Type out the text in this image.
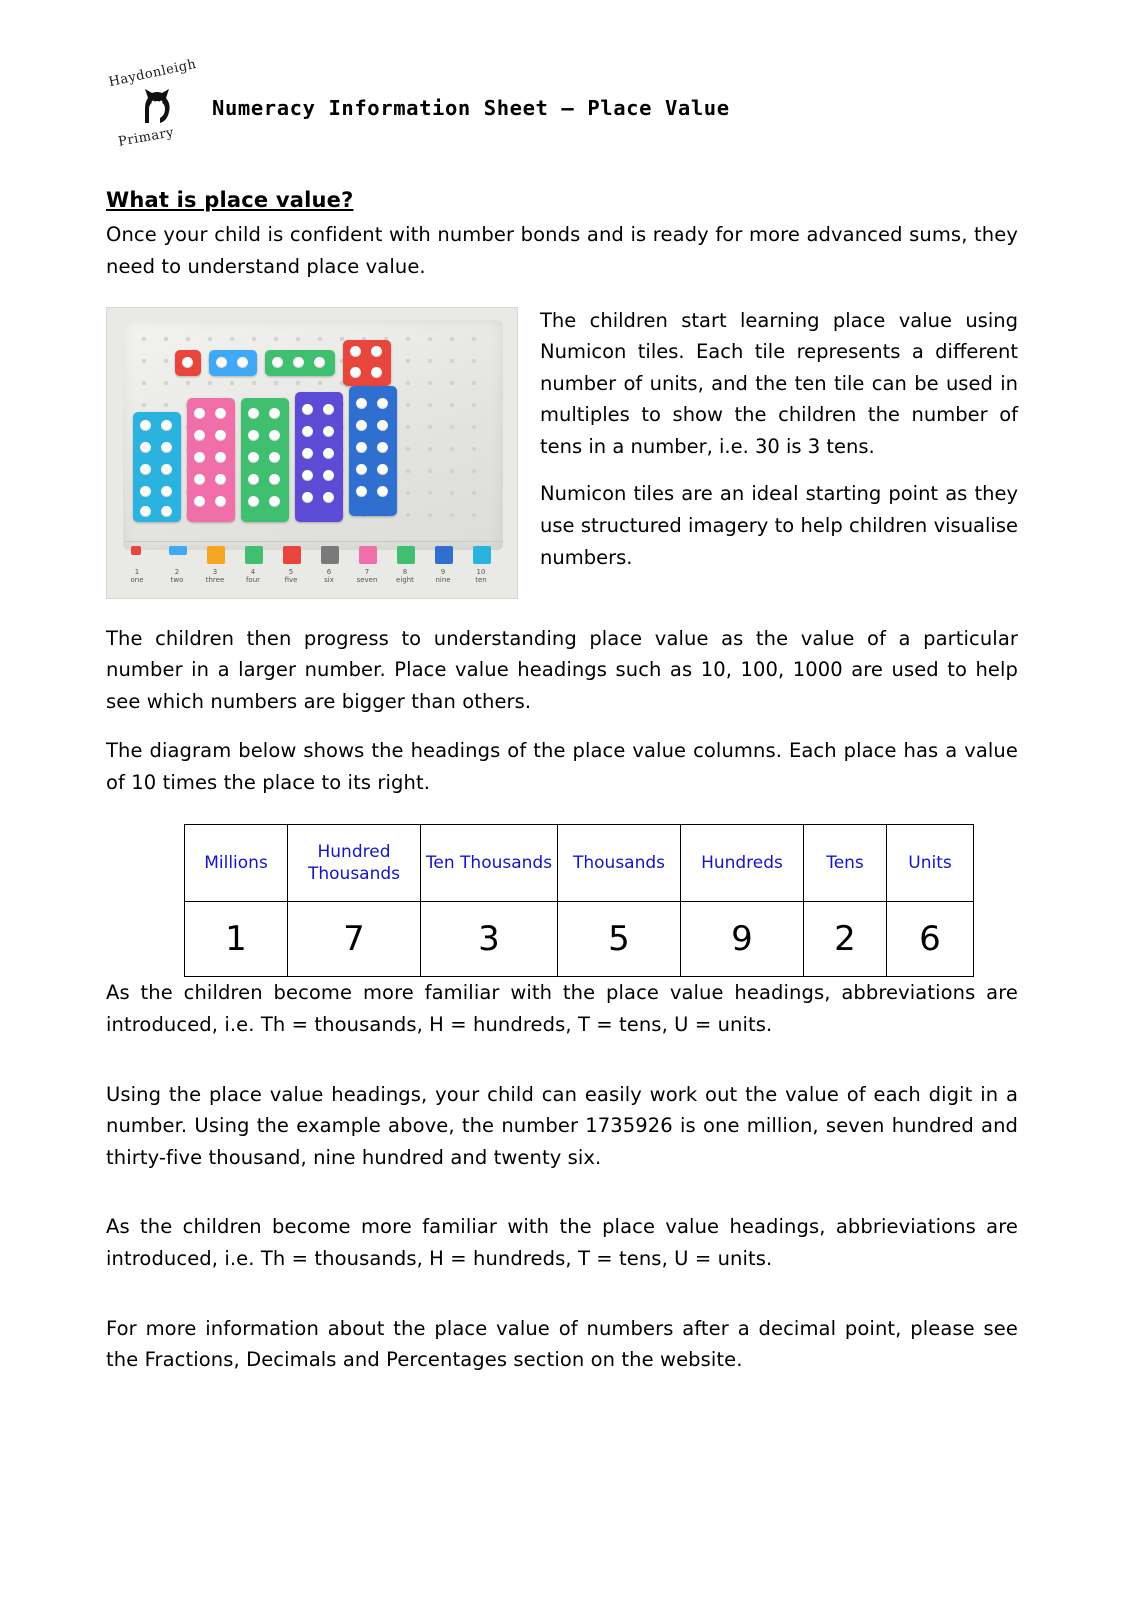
Haydonleigh
Primary
Numeracy Information Sheet – Place Value
What is place value?

Once your child is confident with number bonds and is ready for more advanced sums, they need to understand place value.

1
one
2
two
3
three
4
four
5
five
6
six
7
seven
8
eight
9
nine
10
ten

The children start learning place value using Numicon tiles. Each tile represents a different number of units, and the ten tile can be used in multiples to show the children the number of tens in a number, i.e. 30 is 3 tens.

Numicon tiles are an ideal starting point as they use structured imagery to help children visualise numbers.

The children then progress to understanding place value as the value of a particular number in a larger number. Place value headings such as 10, 100, 1000 are used to help see which numbers are bigger than others.

The diagram below shows the headings of the place value columns. Each place has a value of 10 times the place to its right.

Millions	Hundred Thousands	Ten Thousands	Thousands	Hundreds	Tens	Units
1	7	3	5	9	2	6

As the children become more familiar with the place value headings, abbreviations are introduced, i.e. Th = thousands, H = hundreds, T = tens, U = units.

Using the place value headings, your child can easily work out the value of each digit in a number. Using the example above, the number 1735926 is one million, seven hundred and thirty-five thousand, nine hundred and twenty six.

As the children become more familiar with the place value headings, abbrieviations are introduced, i.e. Th = thousands, H = hundreds, T = tens, U = units.

For more information about the place value of numbers after a decimal point, please see the Fractions, Decimals and Percentages section on the website.
